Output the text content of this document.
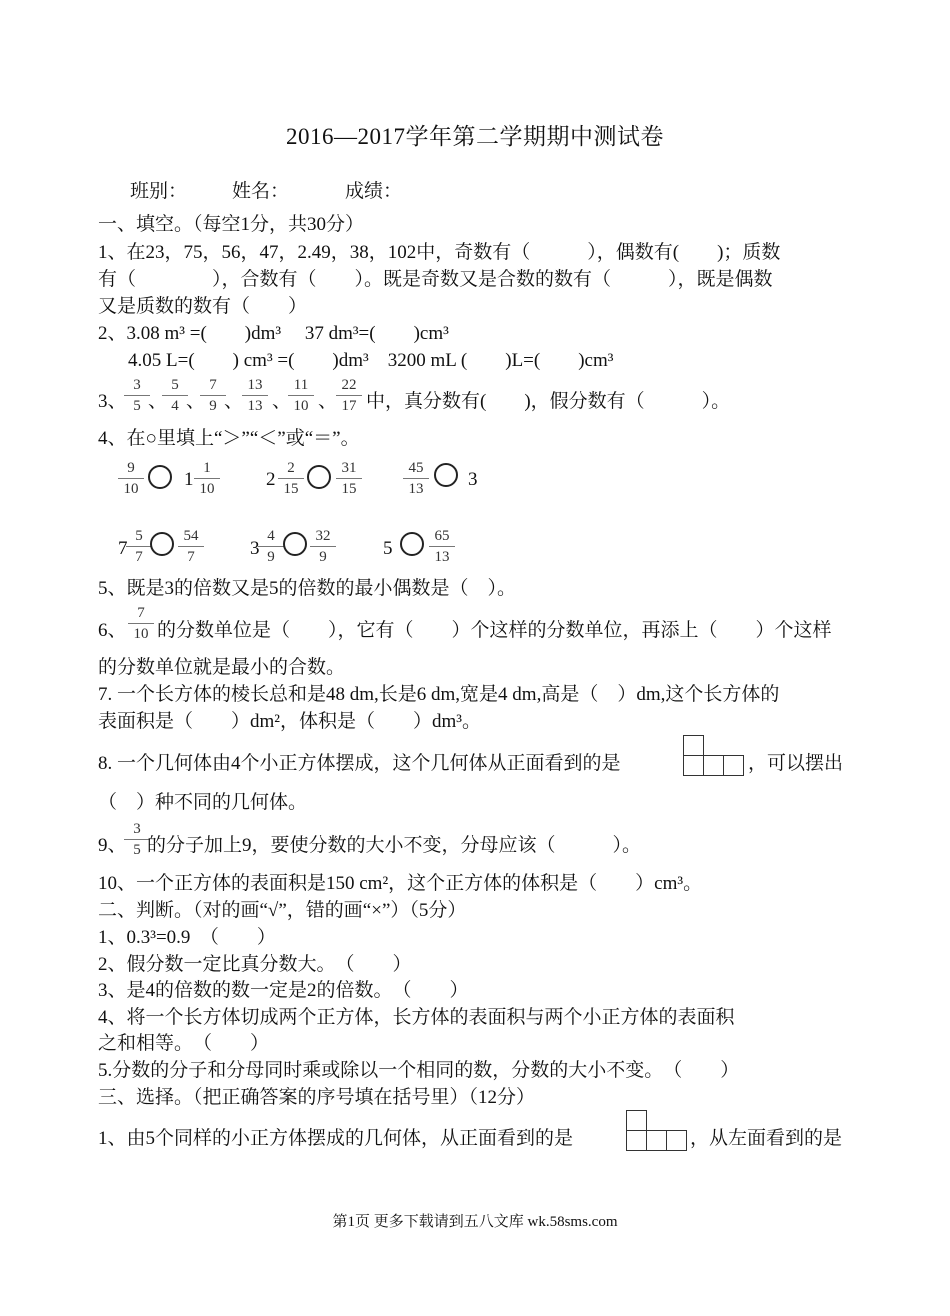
2016—2017学年第二学期期中测试卷
班别： 姓名：	成绩：
一、填空。（每空1分，共30分）
1、在23，75，56，47，2.49，38，102中，奇数有（　　　），偶数有(　　)；质数
有（　　　　），合数有（　　）。既是奇数又是合数的数有（　　　），既是偶数
又是质数的数有（　　）
2、3.08 m³ =(　　)dm³　 37 dm³=(　　)cm³
4.05 L=(　　) cm³ =(　　)dm³　3200 mL (　　)L=(　　)cm³
3、
3
5 、
5
4 、
7
9 、
13
13 、
11
10 、
22
17 中，真分数有(　　)，假分数有（　　　）。
4、在○里填上“＞”“＜”或“＝”。
9
10 1
1
10	2
2
15
31
15
45
13 3
7
5
7
54
7	3
4
9
32
9	5
65
13
5、既是3的倍数又是5的倍数的最小偶数是（　）。
6、
7
10 的分数单位是（　　），它有（　　）个这样的分数单位，再添上（　　）个这样
的分数单位就是最小的合数。
7. 一个长方体的棱长总和是48 dm,长是6 dm,宽是4 dm,高是（　）dm,这个长方体的
表面积是（　　）dm²，体积是（　　）dm³。
8. 一个几何体由4个小正方体摆成，这个几何体从正面看到的是	，可以摆出
（　）种不同的几何体。
9、
3
5 的分子加上9，要使分数的大小不变，分母应该（　　　）。
10、一个正方体的表面积是150 cm²，这个正方体的体积是（　　）cm³。
二、判断。（对的画“√”，错的画“×”）（5分）
1、0.3³=0.9　（　　）
2、假分数一定比真分数大。　（　　）
3、是4的倍数的数一定是2的倍数。　（　　）
4、将一个长方体切成两个正方体，长方体的表面积与两个小正方体的表面积
之和相等。　（　　）
5.分数的分子和分母同时乘或除以一个相同的数，分数的大小不变。　（　　）
三、选择。（把正确答案的序号填在括号里）（12分）
1、由5个同样的小正方体摆成的几何体，从正面看到的是	，从左面看到的是
第1页 更多下载请到五八文库 wk.58sms.com
